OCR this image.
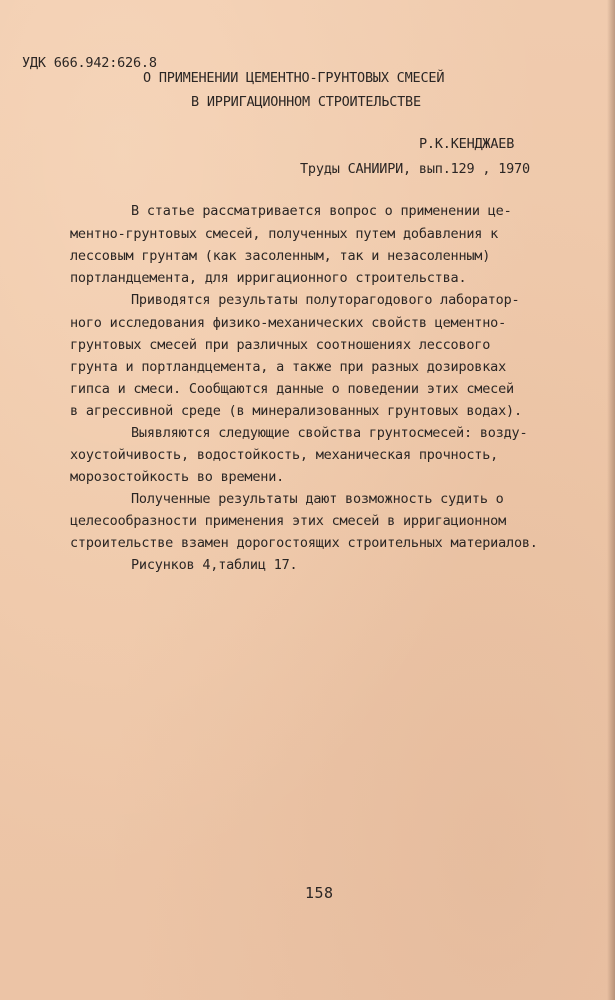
УДК 666.942:626.8
О ПРИМЕНЕНИИ ЦЕМЕНТНО-ГРУНТОВЫХ СМЕСЕЙ
В ИРРИГАЦИОННОМ СТРОИТЕЛЬСТВЕ
Р.К.КЕНДЖАЕВ
Труды САНИИРИ, вып.129 , 1970
В статье рассматривается вопрос о применении це-
ментно-грунтовых смесей, полученных путем добавления к
лессовым грунтам (как засоленным, так и незасоленным)
портландцемента, для ирригационного строительства.
Приводятся результаты полуторагодового лаборатор-
ного исследования физико-механических свойств цементно-
грунтовых смесей при различных соотношениях лессового
грунта и портландцемента, а также при разных дозировках
гипса и смеси. Сообщаются данные о поведении этих смесей
в агрессивной среде (в минерализованных грунтовых водах).
Выявляются следующие свойства грунтосмесей: возду-
хоустойчивость, водостойкость, механическая прочность,
морозостойкость во времени.
Полученные результаты дают возможность судить о
целесообразности применения этих смесей в ирригационном
строительстве взамен дорогостоящих строительных материалов.
Рисунков 4,таблиц 17.
158
